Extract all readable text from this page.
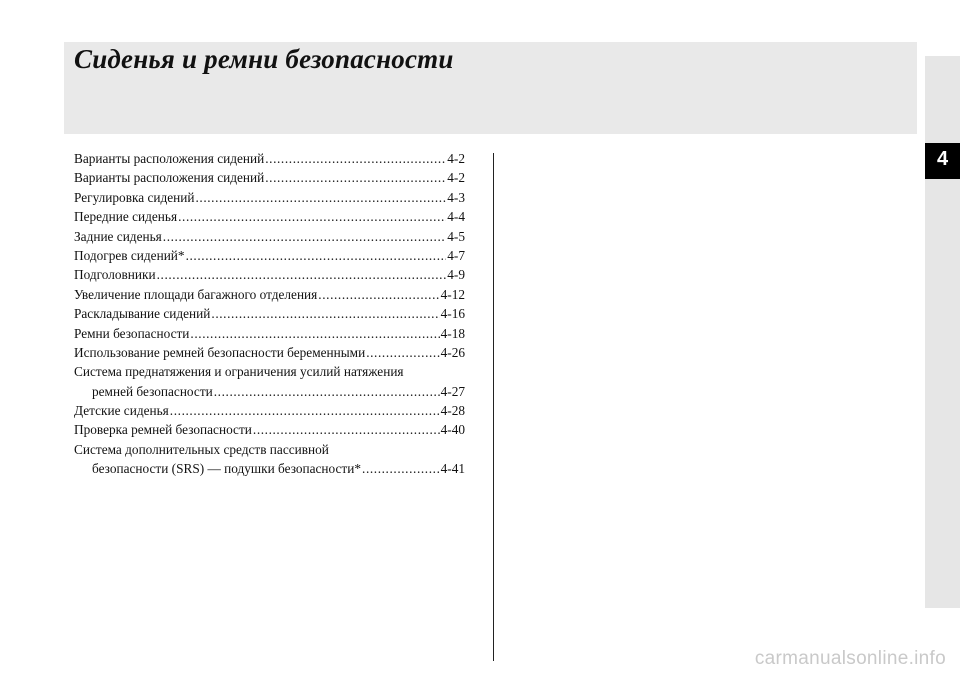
Сиденья и ремни безопасности
4
Варианты расположения сидений .....	4-2
Варианты расположения сидений .....	4-2
Регулировка сидений .....	4-3
Передние сиденья .....	4-4
Задние сиденья .....	4-5
Подогрев сидений* .....	4-7
Подголовники .....	4-9
Увеличение площади багажного отделения .....	4-12
Раскладывание сидений .....	4-16
Ремни безопасности .....	4-18
Использование ремней безопасности беременными .....	4-26
Система преднатяжения и ограничения усилий натяжения
ремней безопасности .....	4-27
Детские сиденья .....	4-28
Проверка ремней безопасности .....	4-40
Система дополнительных средств пассивной
безопасности (SRS) — подушки безопасности* .....	4-41
carmanualsonline.info
